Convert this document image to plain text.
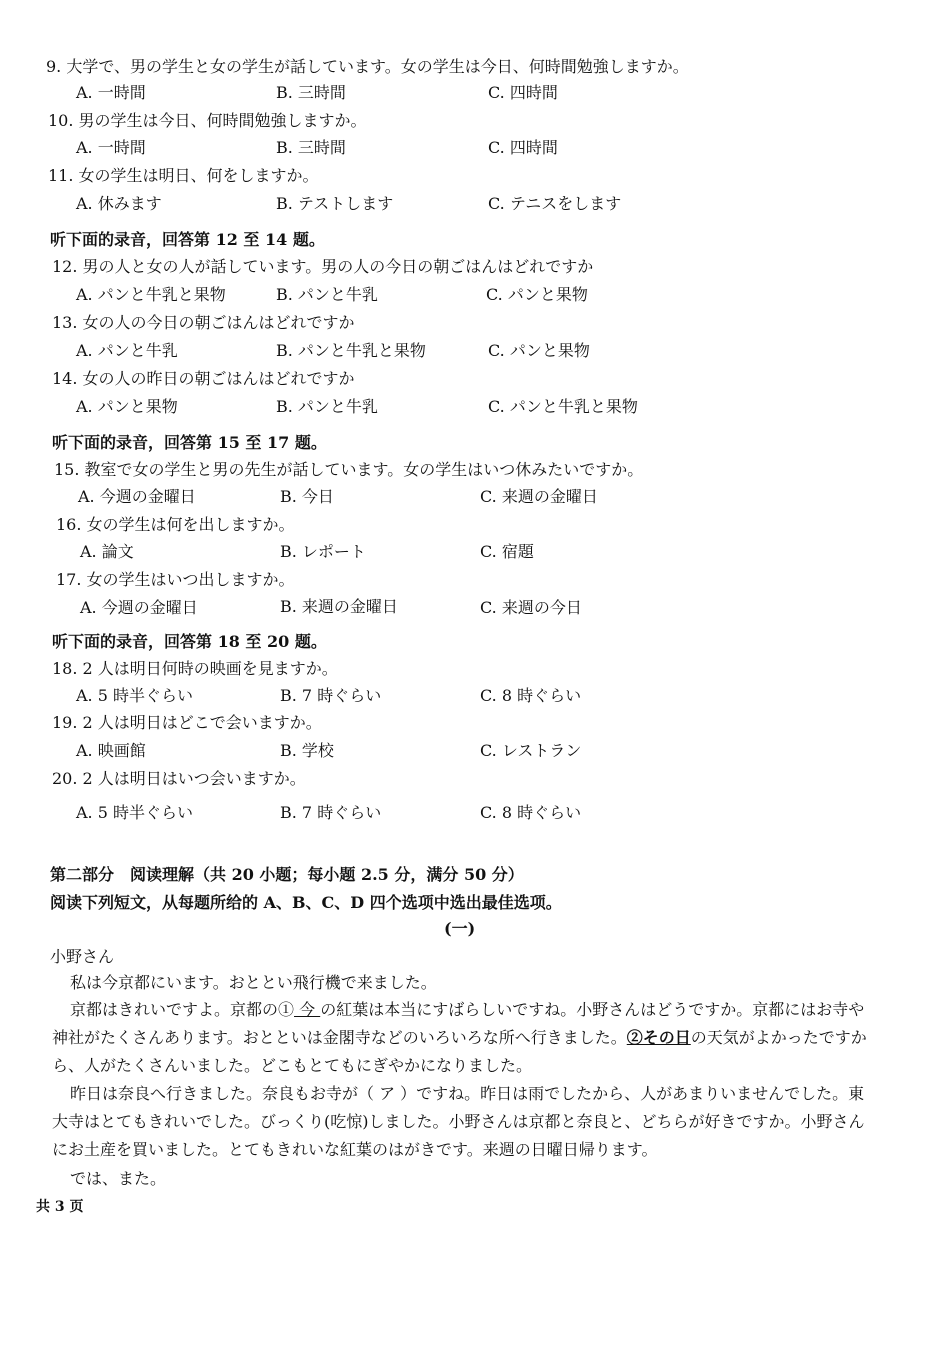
9. 大学で、男の学生と女の学生が話しています。女の学生は今日、何時間勉強しますか。
A. 一時間	B. 三時間	C. 四時間
10. 男の学生は今日、何時間勉強しますか。
A. 一時間	B. 三時間	C. 四時間
11. 女の学生は明日、何をしますか。
A. 休みます	B. テストします	C. テニスをします
听下面的录音，回答第 12 至 14 题。
12. 男の人と女の人が話しています。男の人の今日の朝ごはんはどれですか
A. パンと牛乳と果物	B. パンと牛乳	C. パンと果物
13. 女の人の今日の朝ごはんはどれですか
A. パンと牛乳	B. パンと牛乳と果物	C. パンと果物
14. 女の人の昨日の朝ごはんはどれですか
A. パンと果物	B. パンと牛乳	C. パンと牛乳と果物
听下面的录音，回答第 15 至 17 题。
15. 教室で女の学生と男の先生が話しています。女の学生はいつ休みたいですか。
A. 今週の金曜日	B. 今日	C. 来週の金曜日
16. 女の学生は何を出しますか。
A. 論文	B. レポート	C. 宿題
17. 女の学生はいつ出しますか。
A. 今週の金曜日	B. 来週の金曜日	C. 来週の今日
听下面的录音，回答第 18 至 20 题。
18. 2 人は明日何時の映画を見ますか。
A. 5 時半ぐらい	B. 7 時ぐらい	C. 8 時ぐらい
19. 2 人は明日はどこで会いますか。
A. 映画館	B. 学校	C. レストラン
20. 2 人は明日はいつ会いますか。
A. 5 時半ぐらい	B. 7 時ぐらい	C. 8 時ぐらい
第二部分　阅读理解（共 20 小题；每小题 2.5 分，满分 50 分）
阅读下列短文，从每题所给的 A、B、C、D 四个选项中选出最佳选项。
(一)
小野さん
私は今京都にいます。おととい飛行機で来ました。
京都はきれいですよ。京都の① 今 の紅葉は本当にすばらしいですね。小野さんはどうですか。京都にはお寺や神社がたくさんあります。おとといは金閣寺などのいろいろな所へ行きました。②その日の天気がよかったですから、人がたくさんいました。どこもとてもにぎやかになりました。
昨日は奈良へ行きました。奈良もお寺が（ ア ）ですね。昨日は雨でしたから、人があまりいませんでした。東大寺はとてもきれいでした。びっくり(吃惊)しました。小野さんは京都と奈良と、どちらが好きですか。小野さんにお土産を買いました。とてもきれいな紅葉のはがきです。来週の日曜日帰ります。
では、また。
共 3 页
